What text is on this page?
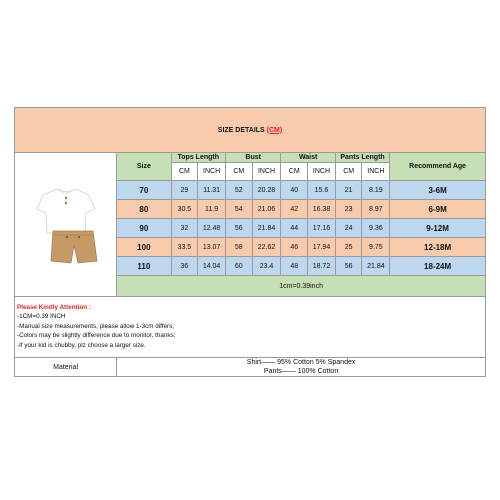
SIZE DETAILS (CM)										

	Size	Tops Length		Bust		Waist		Pants Length		Recommend Age
		CM	INCH	CM	INCH	CM	INCH	CM	INCH	
	70	29	11.31	52	20.28	40	15.6	21	8.19	3-6M
	80	30.5	11.9	54	21.06	42	16.38	23	8.97	6-9M
	90	32	12.48	56	21.84	44	17.16	24	9.36	9-12M
	100	33.5	13.07	58	22.62	46	17.94	25	9.75	12-18M
	110	36	14.04	60	23.4	48	18.72	56	21.84	18-24M
	1cm=0.39inch									

Please Kindly Attention :
-1CM=0.39 INCH
-Manual size measurements, please allow 1-3cm differs;
-Colors may be slightly difference due to monitor, thanks;
-If your kid is chubby, plz choose a larger size.										

Material	Shirt—— 95% Cotton 5% Spandex
Pants—— 100% Cotton									
